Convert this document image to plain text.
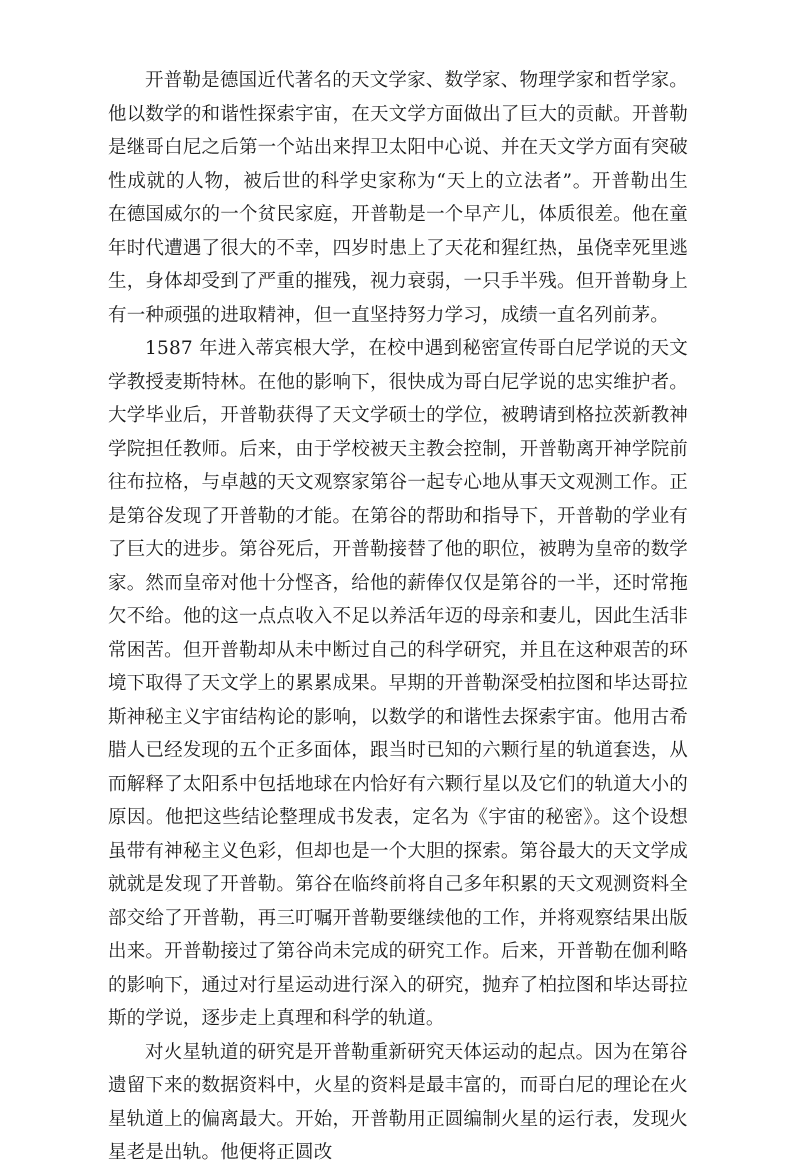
开普勒是德国近代著名的天文学家、数学家、物理学家和哲学家。他以数学的和谐性探索宇宙，在天文学方面做出了巨大的贡献。开普勒是继哥白尼之后第一个站出来捍卫太阳中心说、并在天文学方面有突破性成就的人物，被后世的科学史家称为“天上的立法者”。开普勒出生在德国威尔的一个贫民家庭，开普勒是一个早产儿，体质很差。他在童年时代遭遇了很大的不幸，四岁时患上了天花和猩红热，虽侥幸死里逃生，身体却受到了严重的摧残，视力衰弱，一只手半残。但开普勒身上有一种顽强的进取精神，但一直坚持努力学习，成绩一直名列前茅。

1587 年进入蒂宾根大学，在校中遇到秘密宣传哥白尼学说的天文学教授麦斯特林。在他的影响下，很快成为哥白尼学说的忠实维护者。大学毕业后，开普勒获得了天文学硕士的学位，被聘请到格拉茨新教神学院担任教师。后来，由于学校被天主教会控制，开普勒离开神学院前往布拉格，与卓越的天文观察家第谷一起专心地从事天文观测工作。正是第谷发现了开普勒的才能。在第谷的帮助和指导下，开普勒的学业有了巨大的进步。第谷死后，开普勒接替了他的职位，被聘为皇帝的数学家。然而皇帝对他十分悭吝，给他的薪俸仅仅是第谷的一半，还时常拖欠不给。他的这一点点收入不足以养活年迈的母亲和妻儿，因此生活非常困苦。但开普勒却从未中断过自己的科学研究，并且在这种艰苦的环境下取得了天文学上的累累成果。早期的开普勒深受柏拉图和毕达哥拉斯神秘主义宇宙结构论的影响，以数学的和谐性去探索宇宙。他用古希腊人已经发现的五个正多面体，跟当时已知的六颗行星的轨道套迭，从而解释了太阳系中包括地球在内恰好有六颗行星以及它们的轨道大小的原因。他把这些结论整理成书发表，定名为《宇宙的秘密》。这个设想虽带有神秘主义色彩，但却也是一个大胆的探索。第谷最大的天文学成就就是发现了开普勒。第谷在临终前将自己多年积累的天文观测资料全部交给了开普勒，再三叮嘱开普勒要继续他的工作，并将观察结果出版出来。开普勒接过了第谷尚未完成的研究工作。后来，开普勒在伽利略的影响下，通过对行星运动进行深入的研究，抛弃了柏拉图和毕达哥拉斯的学说，逐步走上真理和科学的轨道。

对火星轨道的研究是开普勒重新研究天体运动的起点。因为在第谷遗留下来的数据资料中，火星的资料是最丰富的，而哥白尼的理论在火星轨道上的偏离最大。开始，开普勒用正圆编制火星的运行表，发现火星老是出轨。他便将正圆改
